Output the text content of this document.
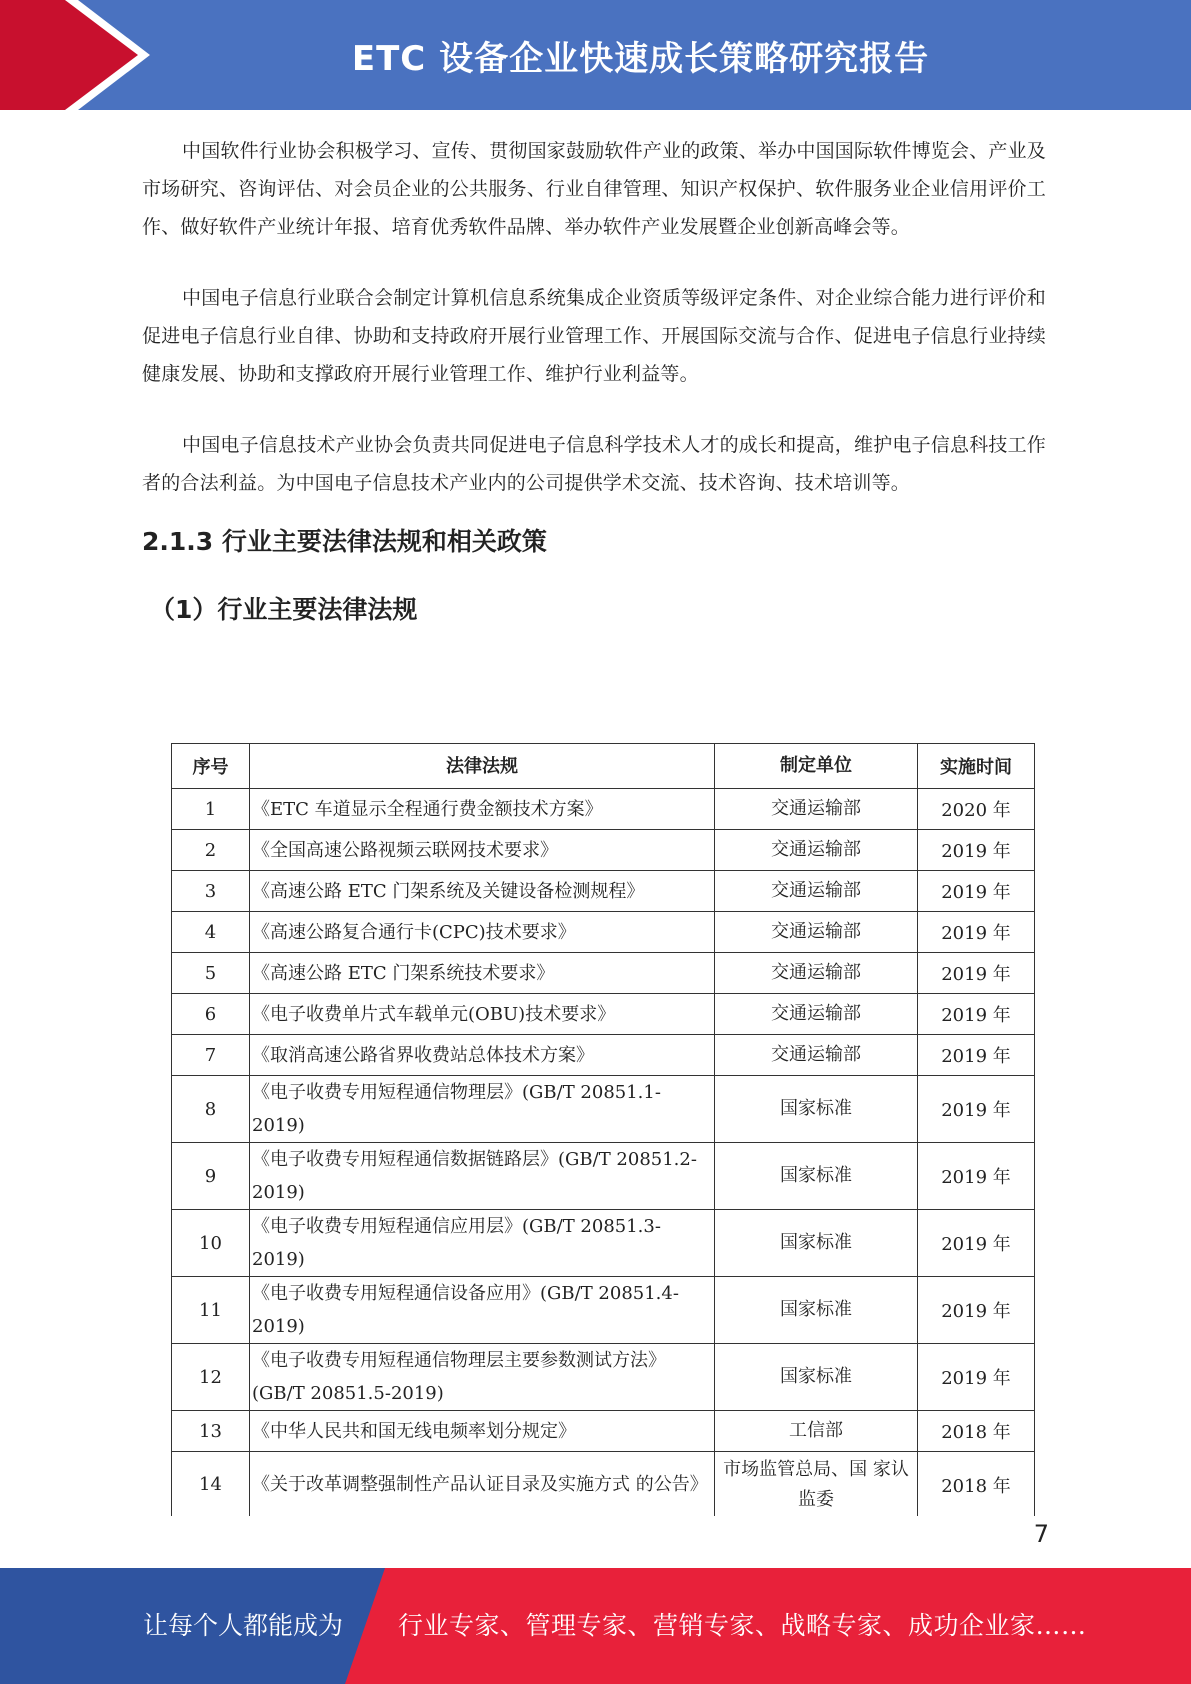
ETC 设备企业快速成长策略研究报告

中国软件行业协会积极学习、宣传、贯彻国家鼓励软件产业的政策、举办中国国际软件博览会、产业及市场研究、咨询评估、对会员企业的公共服务、行业自律管理、知识产权保护、软件服务业企业信用评价工作、做好软件产业统计年报、培育优秀软件品牌、举办软件产业发展暨企业创新高峰会等。

中国电子信息行业联合会制定计算机信息系统集成企业资质等级评定条件、对企业综合能力进行评价和促进电子信息行业自律、协助和支持政府开展行业管理工作、开展国际交流与合作、促进电子信息行业持续健康发展、协助和支撑政府开展行业管理工作、维护行业利益等。

中国电子信息技术产业协会负责共同促进电子信息科学技术人才的成长和提高，维护电子信息科技工作者的合法利益。为中国电子信息技术产业内的公司提供学术交流、技术咨询、技术培训等。

2.1.3 行业主要法律法规和相关政策
（1）行业主要法律法规
序号	法律法规	制定单位	实施时间
1	《ETC 车道显示全程通行费金额技术方案》	交通运输部	2020 年
2	《全国高速公路视频云联网技术要求》	交通运输部	2019 年
3	《高速公路 ETC 门架系统及关键设备检测规程》	交通运输部	2019 年
4	《高速公路复合通行卡(CPC)技术要求》	交通运输部	2019 年
5	《高速公路 ETC 门架系统技术要求》	交通运输部	2019 年
6	《电子收费单片式车载单元(OBU)技术要求》	交通运输部	2019 年
7	《取消高速公路省界收费站总体技术方案》	交通运输部	2019 年
8	《电子收费专用短程通信物理层》(GB/T 20851.1-2019)	国家标准	2019 年
9	《电子收费专用短程通信数据链路层》(GB/T 20851.2-2019)	国家标准	2019 年
10	《电子收费专用短程通信应用层》(GB/T 20851.3-2019)	国家标准	2019 年
11	《电子收费专用短程通信设备应用》(GB/T 20851.4-2019)	国家标准	2019 年
12	《电子收费专用短程通信物理层主要参数测试方法》(GB/T 20851.5-2019)	国家标准	2019 年
13	《中华人民共和国无线电频率划分规定》	工信部	2018 年
14	《关于改革调整强制性产品认证目录及实施方式 的公告》	市场监管总局、国 家认监委	2018 年
7
让每个人都能成为 行业专家、管理专家、营销专家、战略专家、成功企业家……
